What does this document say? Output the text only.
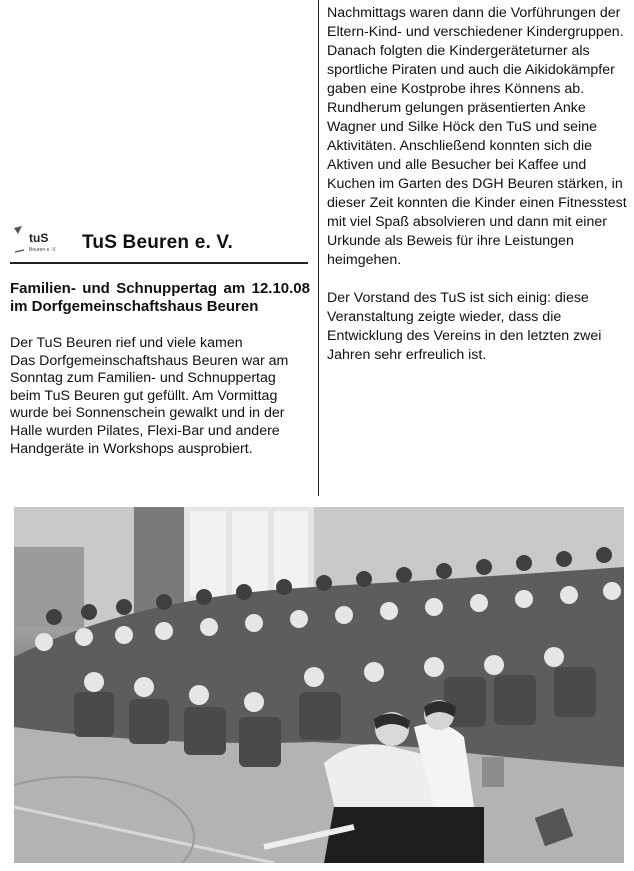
tuS
Beuren e. V. TuS Beuren e. V.
Familien- und Schnuppertag am 12.10.08 im Dorfgemeinschaftshaus Beuren

Der TuS Beuren rief und viele kamen

Das Dorfgemeinschaftshaus Beuren war am Sonntag zum Familien- und Schnuppertag beim TuS Beuren gut gefüllt. Am Vormittag wurde bei Sonnenschein gewalkt und in der Halle wurden Pilates, Flexi-Bar und andere Handgeräte in Workshops ausprobiert.

Nachmittags waren dann die Vorführungen der Eltern-Kind- und verschiedener Kindergruppen. Danach folgten die Kindergeräteturner als sportliche Piraten und auch die Aikidokämpfer gaben eine Kostprobe ihres Könnens ab. Rundherum gelungen präsentierten Anke Wagner und Silke Höck den TuS und seine Aktivitäten. Anschließend konnten sich die Aktiven und alle Besucher bei Kaffee und Kuchen im Garten des DGH Beuren stärken, in dieser Zeit konnten die Kinder einen Fitnesstest mit viel Spaß absolvieren und dann mit einer Urkunde als Beweis für ihre Leistungen heimgehen.

Der Vorstand des TuS ist sich einig: diese Veranstaltung zeigte wieder, dass die Entwicklung des Vereins in den letzten zwei Jahren sehr erfreulich ist.
